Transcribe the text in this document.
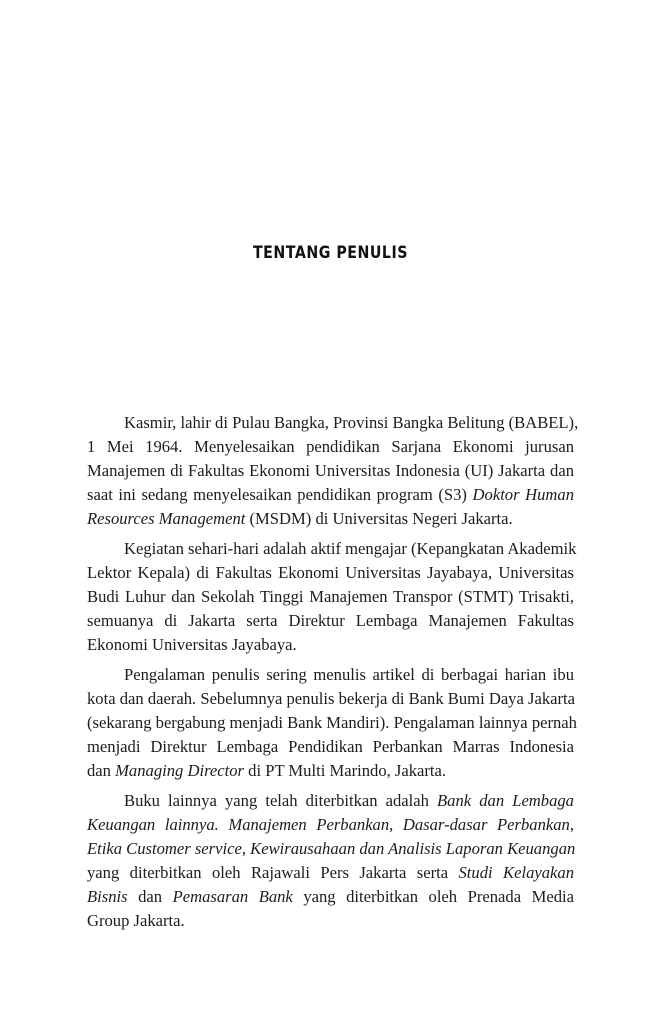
TENTANG PENULIS
Kasmir, lahir di Pulau Bangka, Provinsi Bangka Belitung (BABEL),
1 Mei 1964. Menyelesaikan pendidikan Sarjana Ekonomi jurusan
Manajemen di Fakultas Ekonomi Universitas Indonesia (UI) Jakarta dan
saat ini sedang menyelesaikan pendidikan program (S3) Doktor Human
Resources Management (MSDM) di Universitas Negeri Jakarta.
Kegiatan sehari-hari adalah aktif mengajar (Kepangkatan Akademik
Lektor Kepala) di Fakultas Ekonomi Universitas Jayabaya, Universitas
Budi Luhur dan Sekolah Tinggi Manajemen Transpor (STMT) Trisakti,
semuanya di Jakarta serta Direktur Lembaga Manajemen Fakultas
Ekonomi Universitas Jayabaya.
Pengalaman penulis sering menulis artikel di berbagai harian ibu
kota dan daerah. Sebelumnya penulis bekerja di Bank Bumi Daya Jakarta
(sekarang bergabung menjadi Bank Mandiri). Pengalaman lainnya pernah
menjadi Direktur Lembaga Pendidikan Perbankan Marras Indonesia
dan Managing Director di PT Multi Marindo, Jakarta.
Buku lainnya yang telah diterbitkan adalah Bank dan Lembaga
Keuangan lainnya. Manajemen Perbankan, Dasar-dasar Perbankan,
Etika Customer service, Kewirausahaan dan Analisis Laporan Keuangan
yang diterbitkan oleh Rajawali Pers Jakarta serta Studi Kelayakan
Bisnis dan Pemasaran Bank yang diterbitkan oleh Prenada Media
Group Jakarta.
